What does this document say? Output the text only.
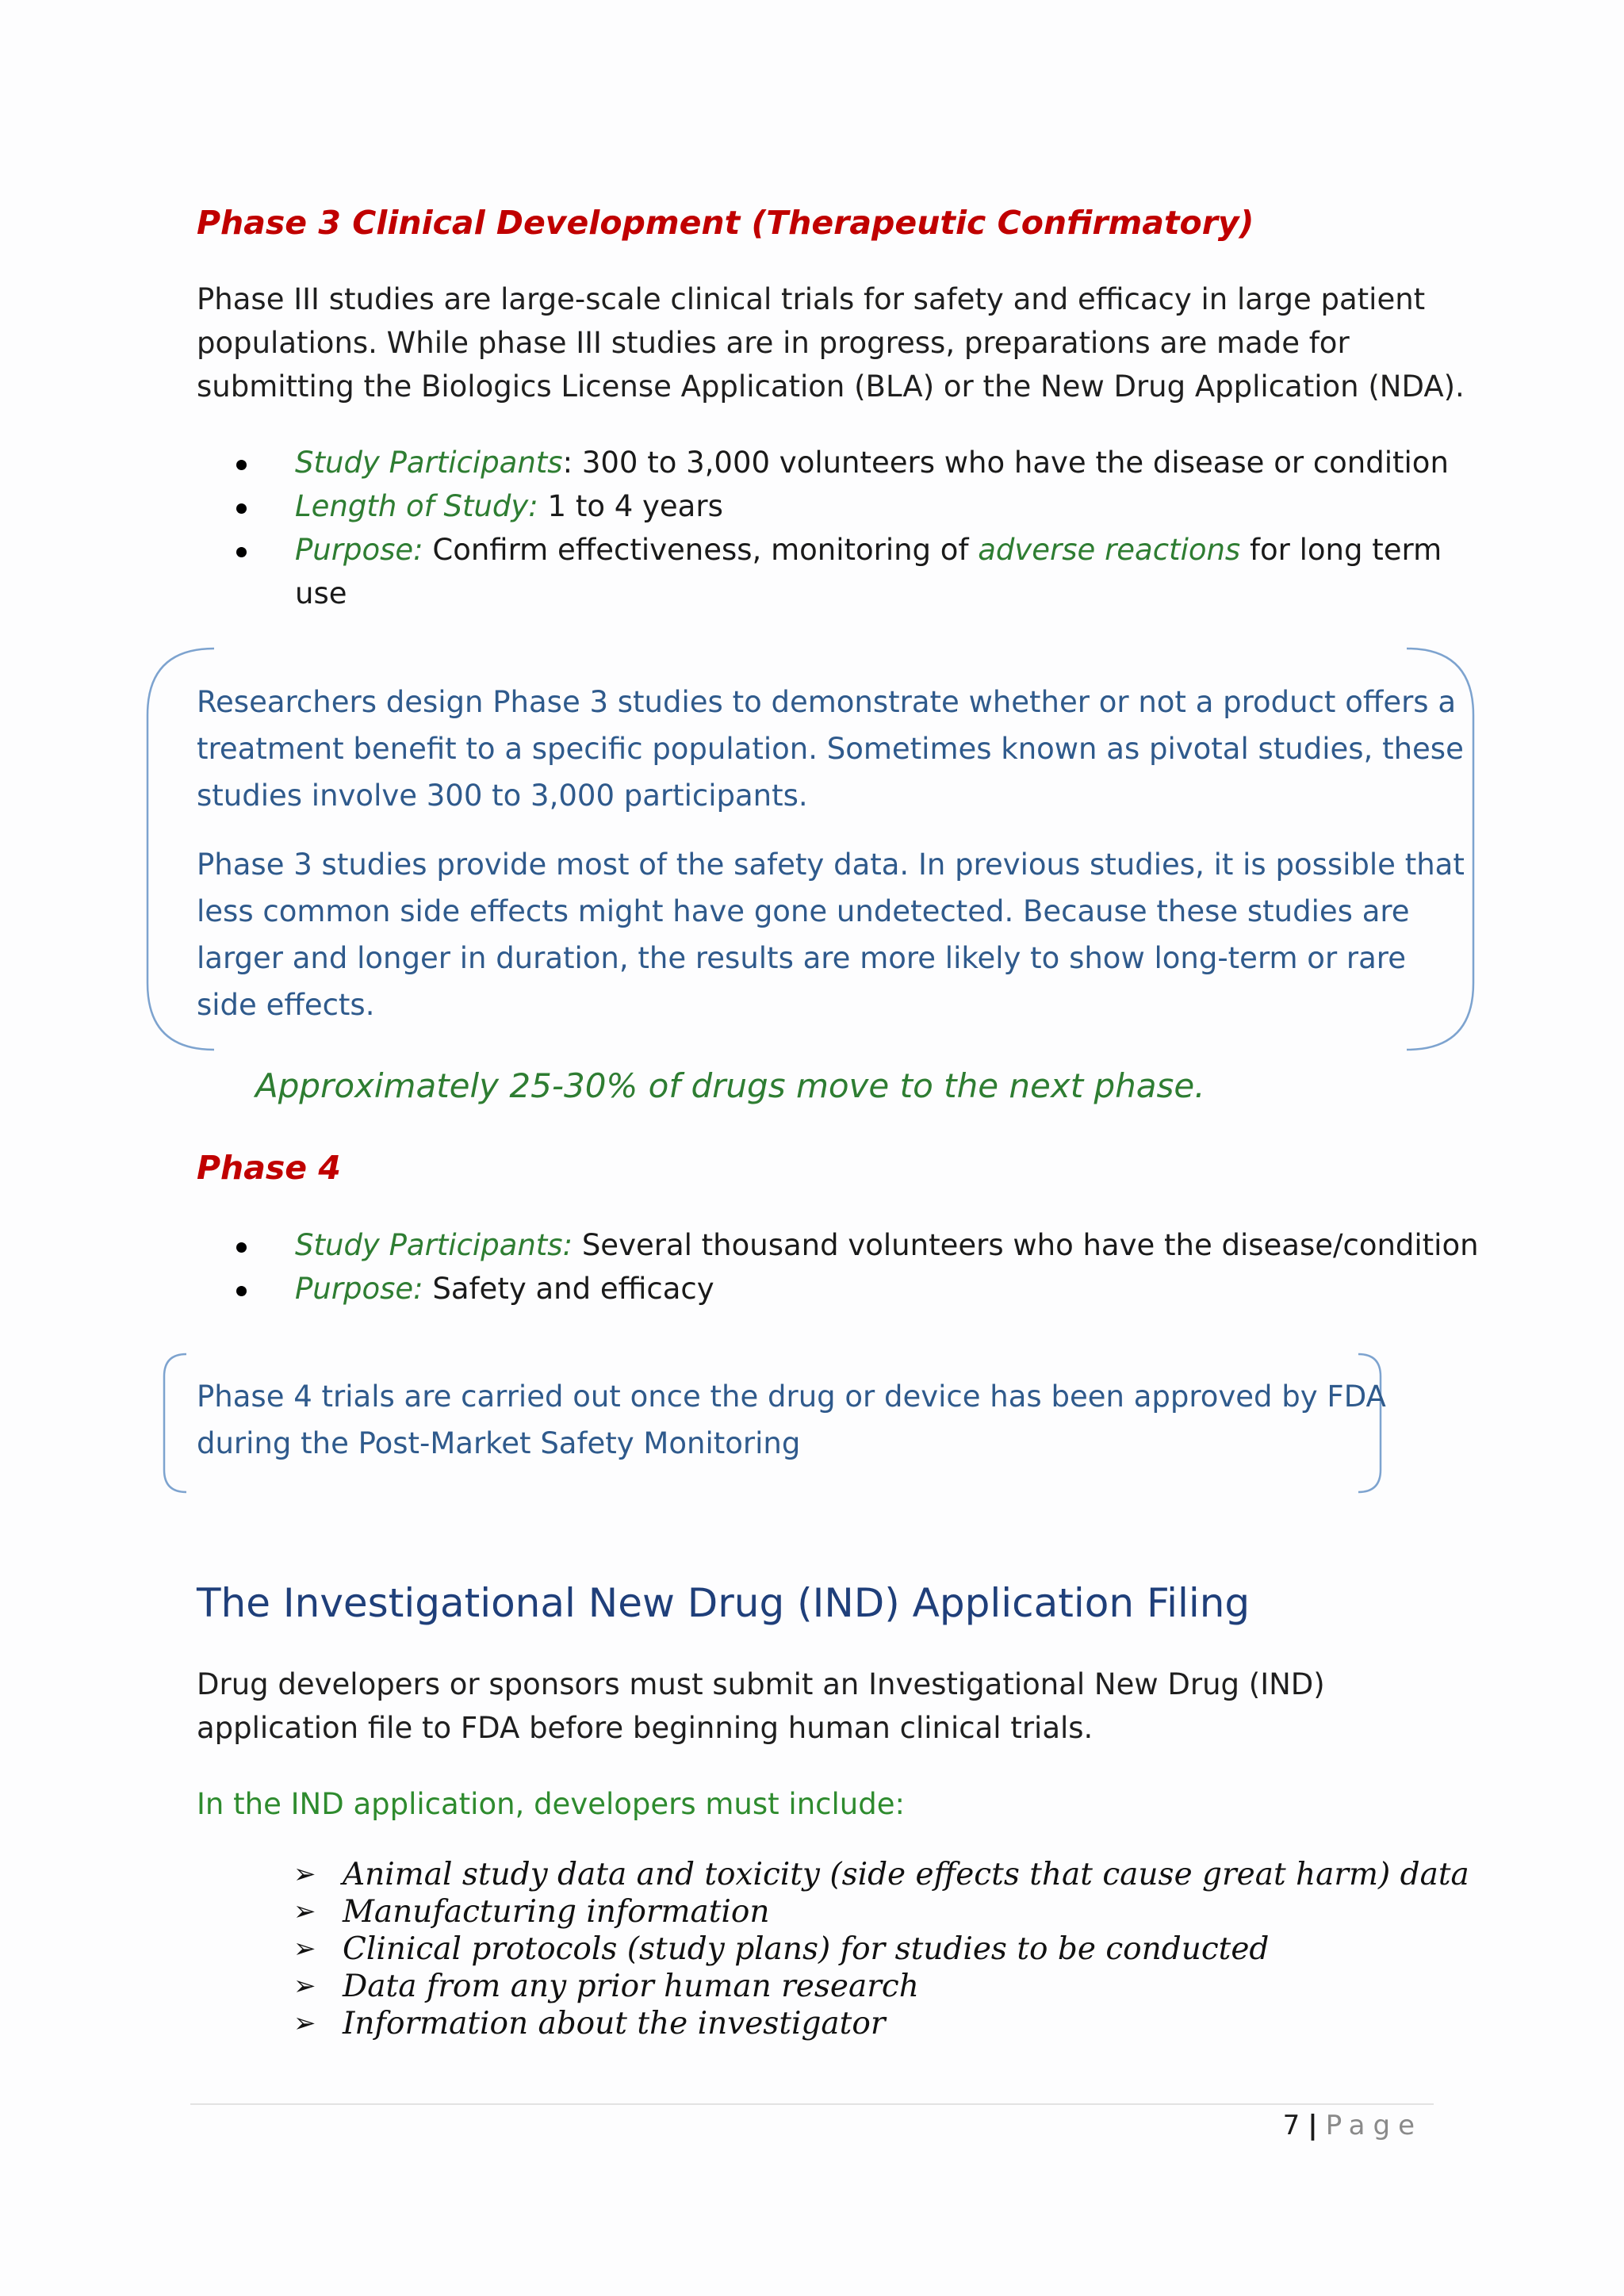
Phase 3 Clinical Development (Therapeutic Confirmatory)
Phase III studies are large-scale clinical trials for safety and efficacy in large patient
populations. While phase III studies are in progress, preparations are made for
submitting the Biologics License Application (BLA) or the New Drug Application (NDA).
Study Participants: 300 to 3,000 volunteers who have the disease or condition
Length of Study: 1 to 4 years
Purpose: Confirm effectiveness, monitoring of adverse reactions for long term
use
Researchers design Phase 3 studies to demonstrate whether or not a product offers a
treatment benefit to a specific population. Sometimes known as pivotal studies, these
studies involve 300 to 3,000 participants.
Phase 3 studies provide most of the safety data. In previous studies, it is possible that
less common side effects might have gone undetected. Because these studies are
larger and longer in duration, the results are more likely to show long-term or rare
side effects.
Approximately 25-30% of drugs move to the next phase.
Phase 4
Study Participants: Several thousand volunteers who have the disease/condition
Purpose: Safety and efficacy
Phase 4 trials are carried out once the drug or device has been approved by FDA
during the Post-Market Safety Monitoring
The Investigational New Drug (IND) Application Filing
Drug developers or sponsors must submit an Investigational New Drug (IND)
application file to FDA before beginning human clinical trials.
In the IND application, developers must include:
➢ Animal study data and toxicity (side effects that cause great harm) data
➢ Manufacturing information
➢ Clinical protocols (study plans) for studies to be conducted
➢ Data from any prior human research
➢ Information about the investigator
7 | Page
